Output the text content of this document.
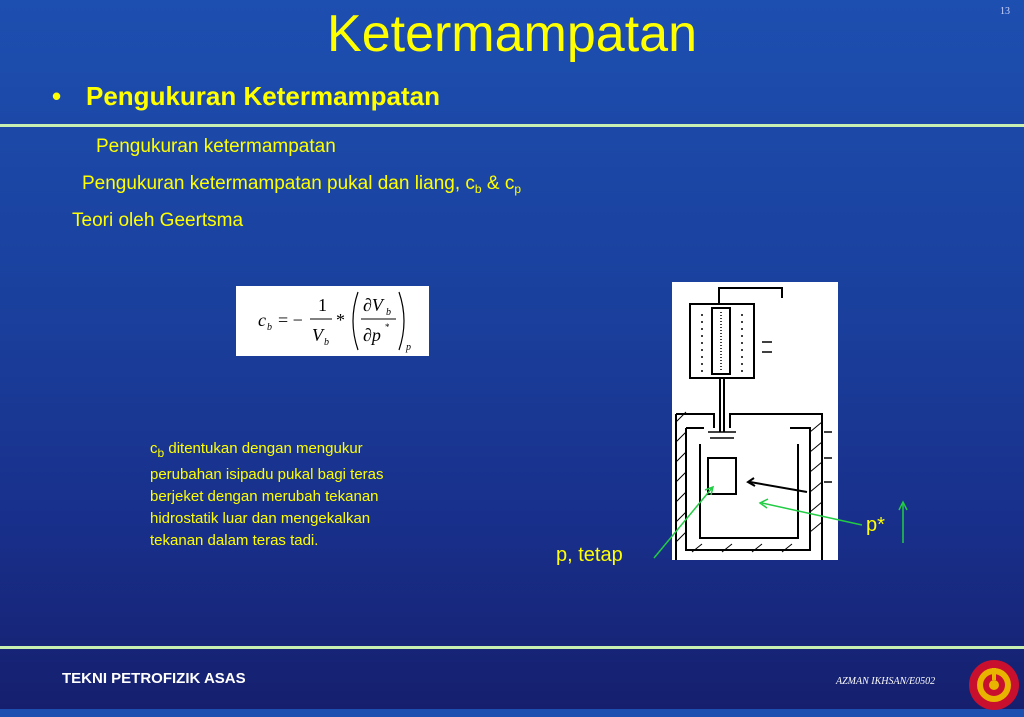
Ketermampatan	13
• Pengukuran Ketermampatan
Pengukuran ketermampatan
Pengukuran ketermampatan pukal dan liang, $c_b$ & $c_p$
Teori oleh Geertsma
c b = −
1
V b
*
∂V b
∂p *
p
$c_b$ ditentukan dengan mengukur perubahan isipadu pukal bagi teras berjeket dengan merubah tekanan hidrostatik luar dan mengekalkan tekanan dalam teras tadi.
p*
p, tetap
TEKNI PETROFIZIK ASAS	AZMAN IKHSAN/E0502
